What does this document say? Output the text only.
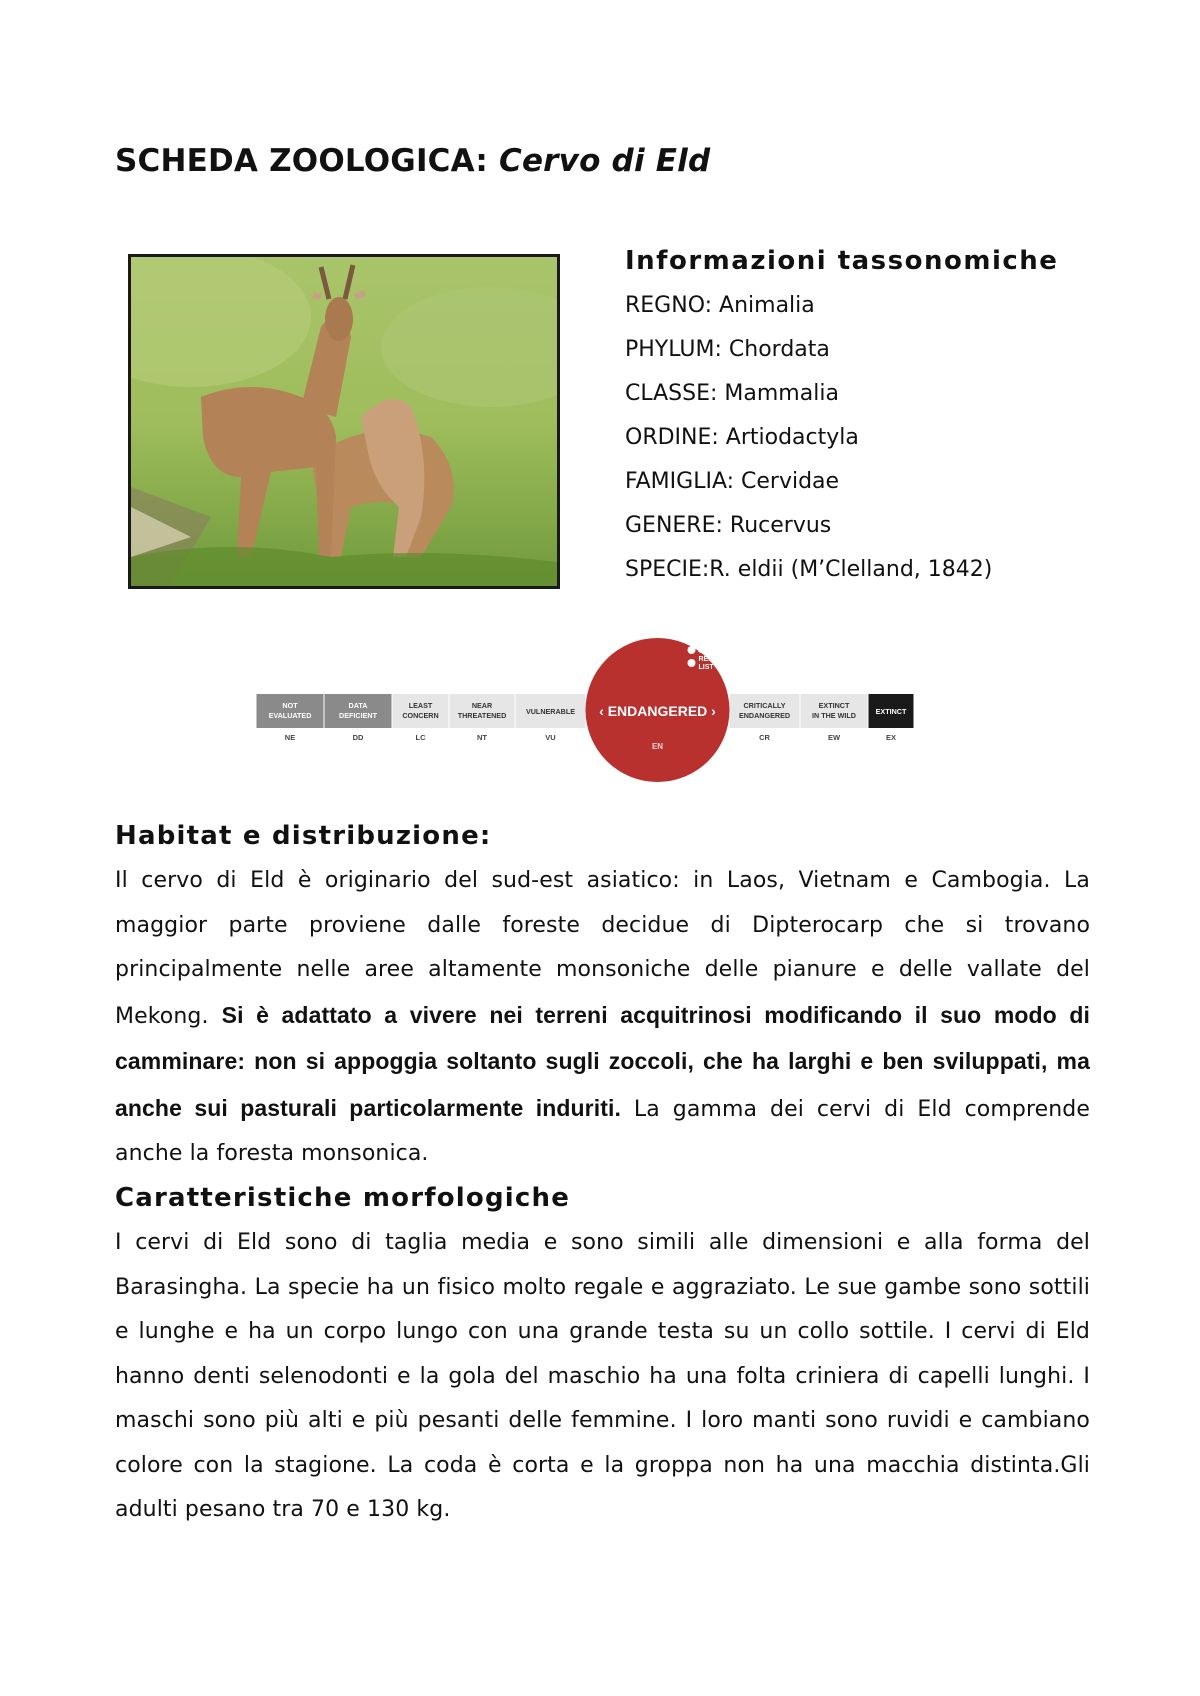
SCHEDA ZOOLOGICA: Cervo di Eld
Informazioni tassonomiche
REGNO: Animalia
PHYLUM: Chordata
CLASSE: Mammalia
ORDINE: Artiodactyla
FAMIGLIA: Cervidae
GENERE: Rucervus
SPECIE:R. eldii (M’Clelland, 1842)
NOT
EVALUATED
NE
DATA
DEFICIENT
DD
LEAST
CONCERN
LC
NEAR
THREATENED
NT
VULNERABLE
VU
‹ ENDANGERED ›
EN
RED
LIST
CRITICALLY
ENDANGERED
CR
EXTINCT
IN THE WILD
EW
EXTINCT
EX
Habitat e distribuzione:

Il cervo di Eld è originario del sud-est asiatico: in Laos, Vietnam e Cambogia. La maggior parte proviene dalle foreste decidue di Dipterocarp che si trovano principalmente nelle aree altamente monsoniche delle pianure e delle vallate del Mekong. Si è adattato a vivere nei terreni acquitrinosi modificando il suo modo di camminare: non si appoggia soltanto sugli zoccoli, che ha larghi e ben sviluppati, ma anche sui pasturali particolarmente induriti. La gamma dei cervi di Eld comprende anche la foresta monsonica.

Caratteristiche morfologiche

I cervi di Eld sono di taglia media e sono simili alle dimensioni e alla forma del Barasingha. La specie ha un fisico molto regale e aggraziato. Le sue gambe sono sottili e lunghe e ha un corpo lungo con una grande testa su un collo sottile. I cervi di Eld hanno denti selenodonti e la gola del maschio ha una folta criniera di capelli lunghi. I maschi sono più alti e più pesanti delle femmine. I loro manti sono ruvidi e cambiano colore con la stagione. La coda è corta e la groppa non ha una macchia distinta.Gli adulti pesano tra 70 e 130 kg.
